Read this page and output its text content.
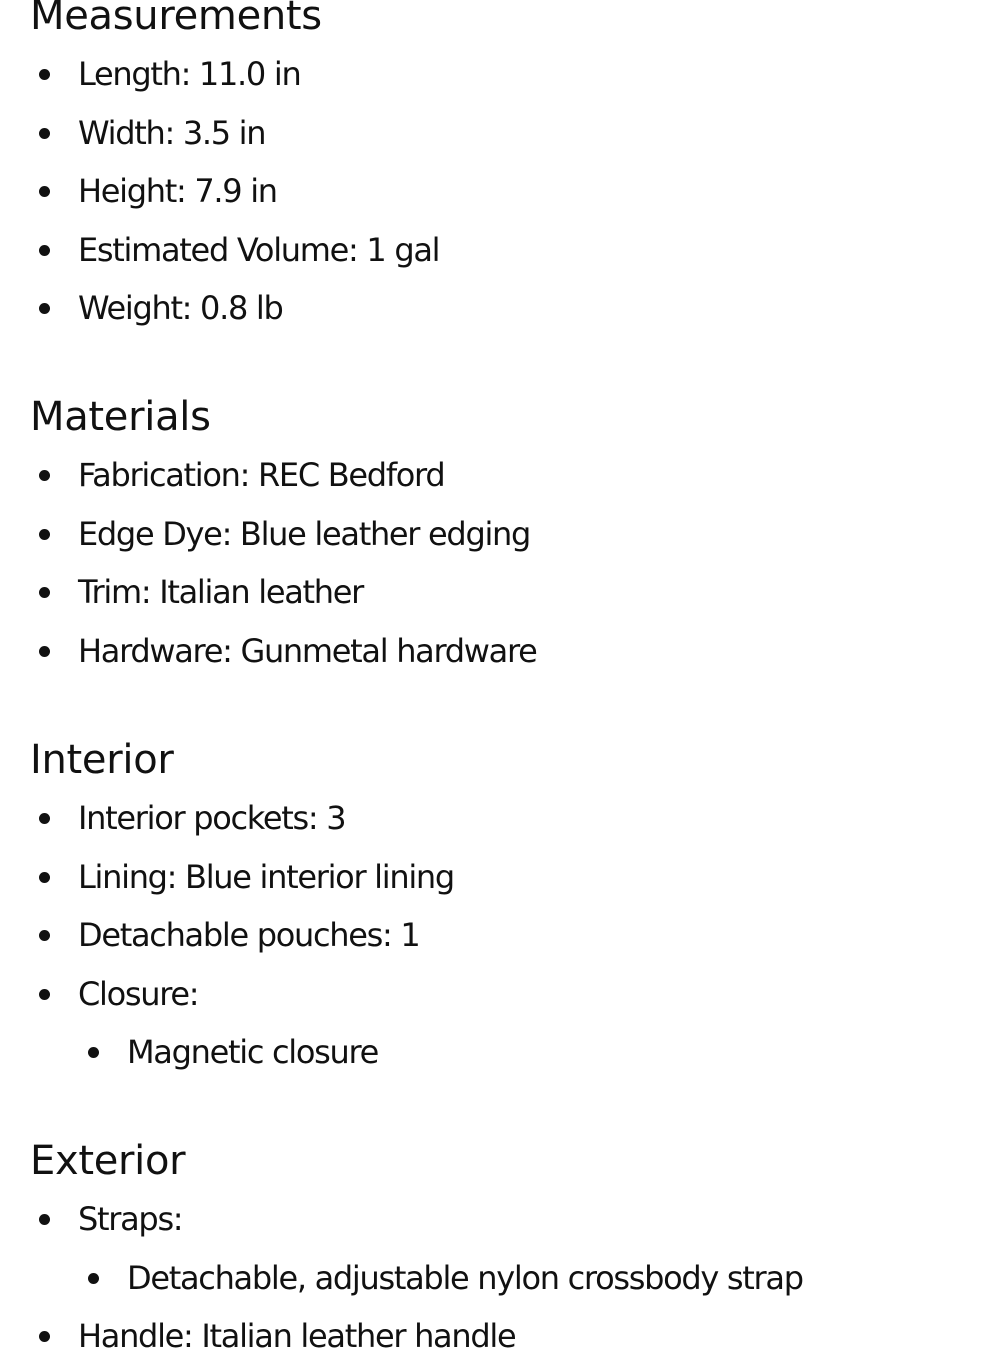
Measurements
Length: 11.0 in
Width: 3.5 in
Height: 7.9 in
Estimated Volume: 1 gal
Weight: 0.8 lb
Materials
Fabrication: REC Bedford
Edge Dye: Blue leather edging
Trim: Italian leather
Hardware: Gunmetal hardware
Interior
Interior pockets: 3
Lining: Blue interior lining
Detachable pouches: 1
Closure:
Magnetic closure
Exterior
Straps:
Detachable, adjustable nylon crossbody strap
Handle: Italian leather handle
